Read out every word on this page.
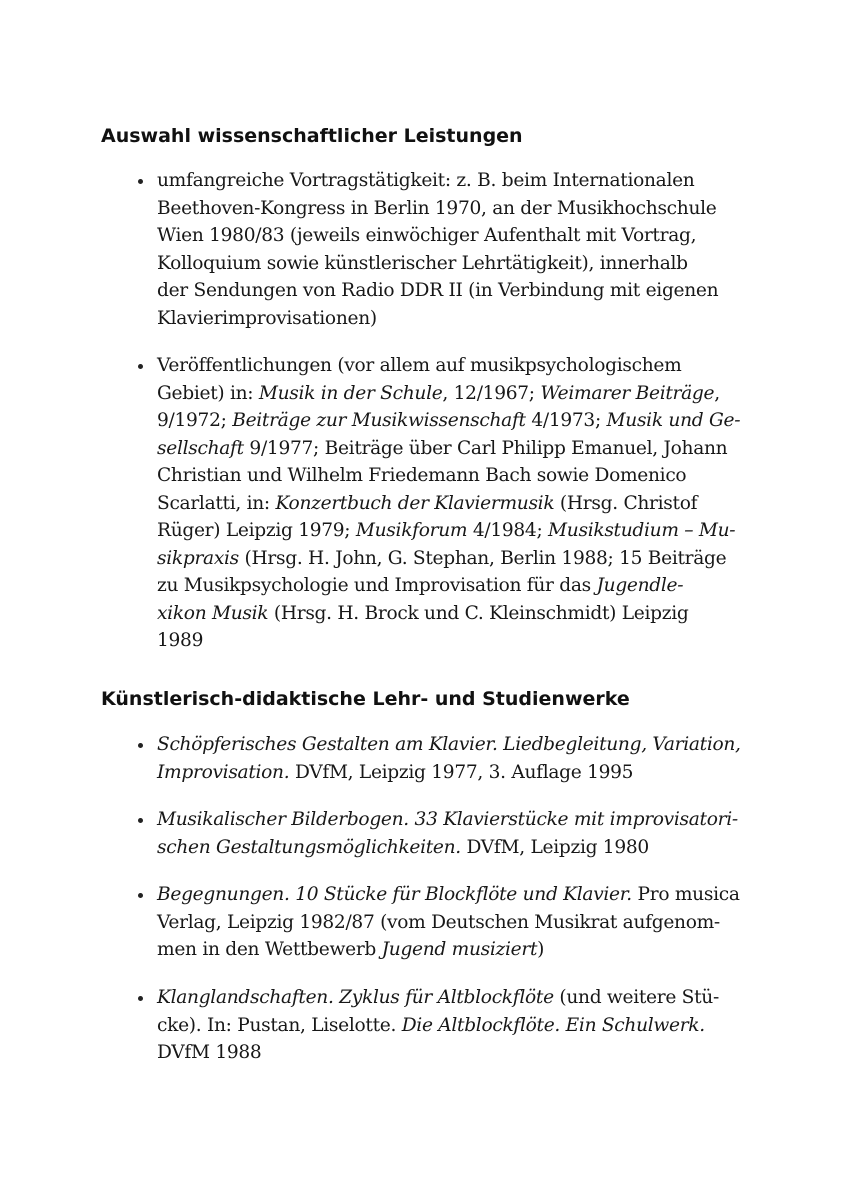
Auswahl wissenschaftlicher Leistungen
umfangreiche Vortragstätigkeit: z. B. beim Internationalen
Beethoven-Kongress in Berlin 1970, an der Musikhochschule
Wien 1980/83 (jeweils einwöchiger Aufenthalt mit Vortrag,
Kolloquium sowie künstlerischer Lehrtätigkeit), innerhalb
der Sendungen von Radio DDR II (in Verbindung mit eigenen
Klavierimprovisationen)
Veröffentlichungen (vor allem auf musikpsychologischem
Gebiet) in: Musik in der Schule, 12/1967; Weimarer Beiträge,
9/1972; Beiträge zur Musikwissenschaft 4/1973; Musik und Ge-
sellschaft 9/1977; Beiträge über Carl Philipp Emanuel, Johann
Christian und Wilhelm Friedemann Bach sowie Domenico
Scarlatti, in: Konzertbuch der Klaviermusik (Hrsg. Christof
Rüger) Leipzig 1979; Musikforum 4/1984; Musikstudium – Mu-
sikpraxis (Hrsg. H. John, G. Stephan, Berlin 1988; 15 Beiträge
zu Musikpsychologie und Improvisation für das Jugendle-
xikon Musik (Hrsg. H. Brock und C. Kleinschmidt) Leipzig
1989
Künstlerisch-didaktische Lehr- und Studienwerke
Schöpferisches Gestalten am Klavier. Liedbegleitung, Variation,
Improvisation. DVfM, Leipzig 1977, 3. Auflage 1995
Musikalischer Bilderbogen. 33 Klavierstücke mit improvisatori-
schen Gestaltungsmöglichkeiten. DVfM, Leipzig 1980
Begegnungen. 10 Stücke für Blockflöte und Klavier. Pro musica
Verlag, Leipzig 1982/87 (vom Deutschen Musikrat aufgenom-
men in den Wettbewerb Jugend musiziert)
Klanglandschaften. Zyklus für Altblockflöte (und weitere Stü-
cke). In: Pustan, Liselotte. Die Altblockflöte. Ein Schulwerk.
DVfM 1988
